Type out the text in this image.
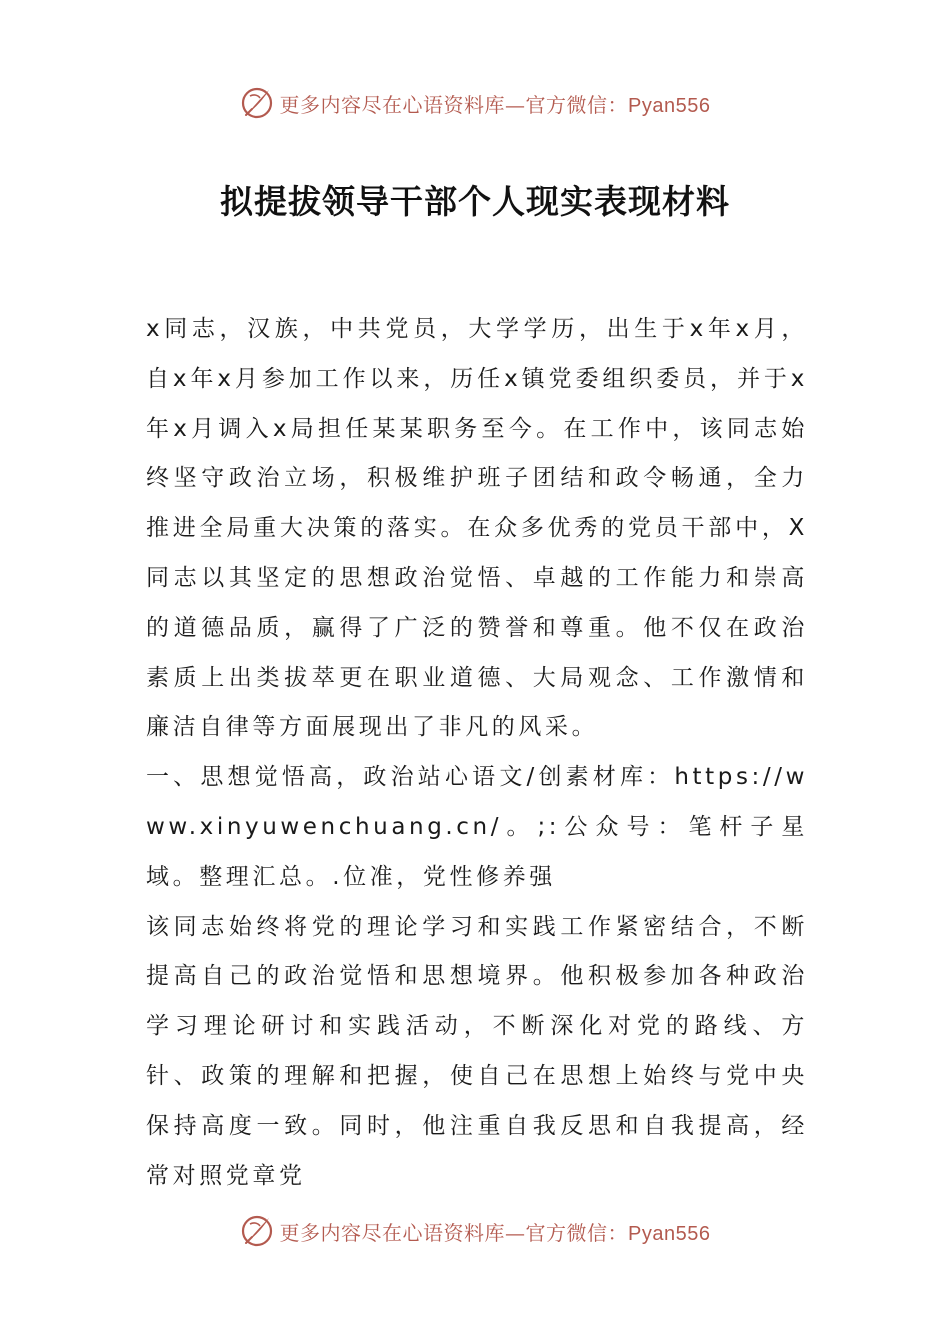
更多内容尽在心语资料库—官方微信：Pyan556
拟提拔领导干部个人现实表现材料

x同志，汉族，中共党员，大学学历，出生于x年x月，自x年x月参加工作以来，历任x镇党委组织委员，并于x年x月调入x局担任某某职务至今。在工作中，该同志始终坚守政治立场，积极维护班子团结和政令畅通，全力推进全局重大决策的落实。在众多优秀的党员干部中，X同志以其坚定的思想政治觉悟、卓越的工作能力和崇高的道德品质，赢得了广泛的赞誉和尊重。他不仅在政治素质上出类拔萃更在职业道德、大局观念、工作激情和廉洁自律等方面展现出了非凡的风采。

一、思想觉悟高，政治站心语文/创素材库：https://www.xinyuwenchuang.cn/。;:公众号：笔杆子星域。整理汇总。.位准，党性修养强

该同志始终将党的理论学习和实践工作紧密结合，不断提高自己的政治觉悟和思想境界。他积极参加各种政治学习理论研讨和实践活动，不断深化对党的路线、方针、政策的理解和把握，使自己在思想上始终与党中央保持高度一致。同时，他注重自我反思和自我提高，经常对照党章党

更多内容尽在心语资料库—官方微信：Pyan556
